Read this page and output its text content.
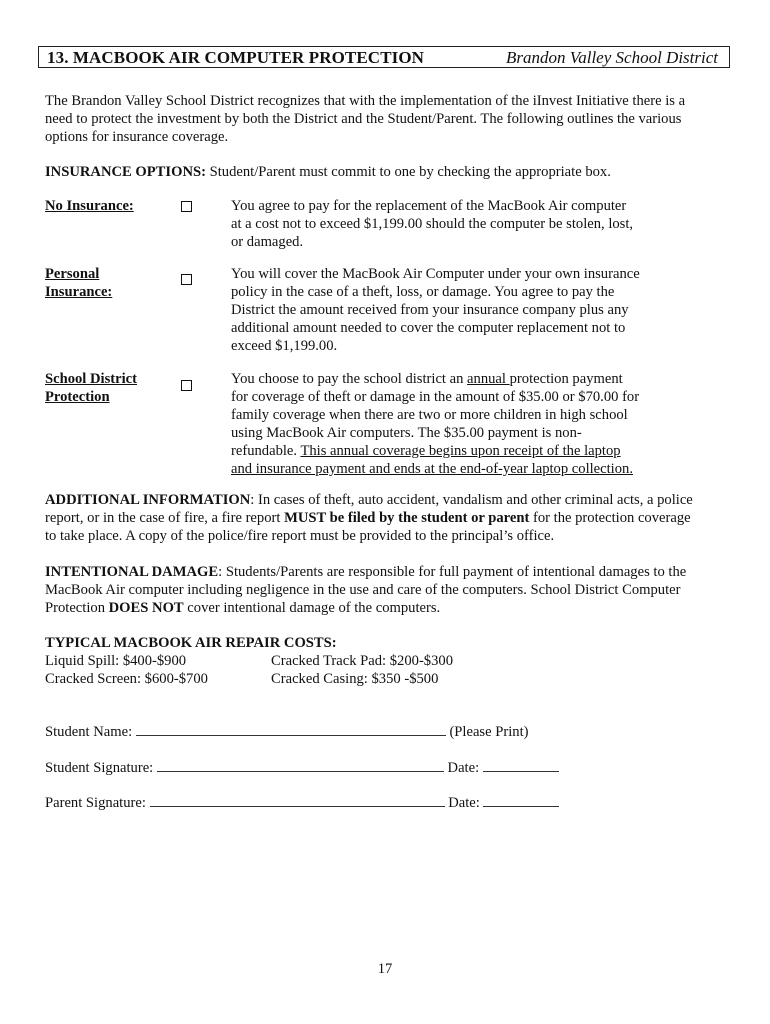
13. MACBOOK AIR COMPUTER PROTECTION	Brandon Valley School District
The Brandon Valley School District recognizes that with the implementation of the iInvest Initiative there is a
need to protect the investment by both the District and the Student/Parent. The following outlines the various
options for insurance coverage.
INSURANCE OPTIONS: Student/Parent must commit to one by checking the appropriate box.
No Insurance:	You agree to pay for the replacement of the MacBook Air computer
at a cost not to exceed $1,199.00 should the computer be stolen, lost,
or damaged.
Personal
Insurance:
You will cover the MacBook Air Computer under your own insurance
policy in the case of a theft, loss, or damage. You agree to pay the
District the amount received from your insurance company plus any
additional amount needed to cover the computer replacement not to
exceed $1,199.00.
School District
Protection
You choose to pay the school district an annual protection payment
for coverage of theft or damage in the amount of $35.00 or $70.00 for
family coverage when there are two or more children in high school
using MacBook Air computers. The $35.00 payment is non-
refundable. This annual coverage begins upon receipt of the laptop
and insurance payment and ends at the end-of-year laptop collection.
ADDITIONAL INFORMATION: In cases of theft, auto accident, vandalism and other criminal acts, a police
report, or in the case of fire, a fire report MUST be filed by the student or parent for the protection coverage
to take place. A copy of the police/fire report must be provided to the principal’s office.
INTENTIONAL DAMAGE: Students/Parents are responsible for full payment of intentional damages to the
MacBook Air computer including negligence in the use and care of the computers. School District Computer
Protection DOES NOT cover intentional damage of the computers.
TYPICAL MACBOOK AIR REPAIR COSTS:
Liquid Spill: $400-$900	Cracked Track Pad: $200-$300
Cracked Screen: $600-$700	Cracked Casing: $350 -$500
Student Name:	(Please Print)
Student Signature:	Date:
Parent Signature:	Date:
17
